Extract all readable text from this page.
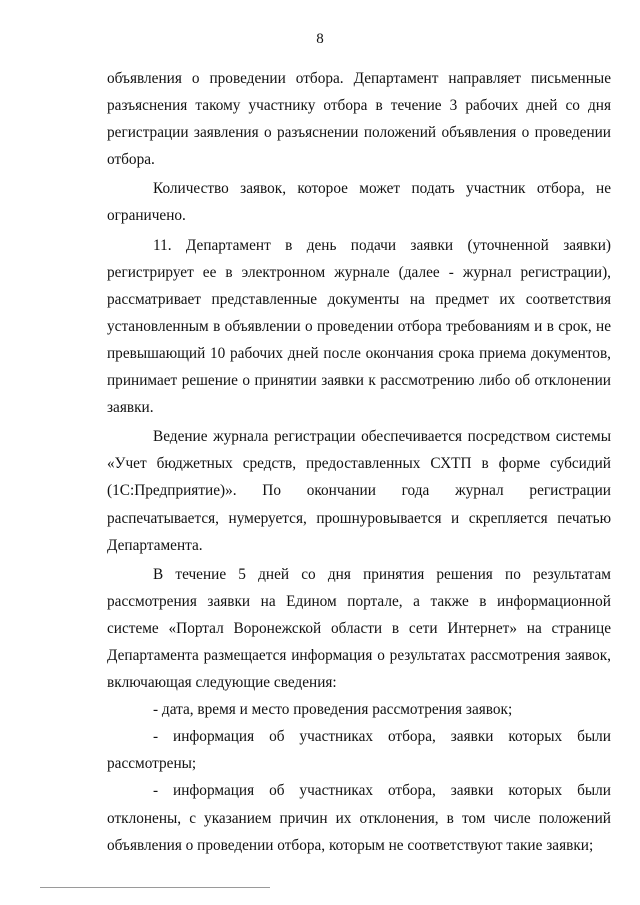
8

объявления о проведении отбора. Департамент направляет письменные разъяснения такому участнику отбора в течение 3 рабочих дней со дня регистрации заявления о разъяснении положений объявления о проведении отбора.

Количество заявок, которое может подать участник отбора, не ограничено.

11. Департамент в день подачи заявки (уточненной заявки) регистрирует ее в электронном журнале (далее - журнал регистрации), рассматривает представленные документы на предмет их соответствия установленным в объявлении о проведении отбора требованиям и в срок, не превышающий 10 рабочих дней после окончания срока приема документов, принимает решение о принятии заявки к рассмотрению либо об отклонении заявки.

Ведение журнала регистрации обеспечивается посредством системы «Учет бюджетных средств, предоставленных СХТП в форме субсидий (1С:Предприятие)». По окончании года журнал регистрации распечатывается, нумеруется, прошнуровывается и скрепляется печатью Департамента.

В течение 5 дней со дня принятия решения по результатам рассмотрения заявки на Едином портале, а также в информационной системе «Портал Воронежской области в сети Интернет» на странице Департамента размещается информация о результатах рассмотрения заявок, включающая следующие сведения:

- дата, время и место проведения рассмотрения заявок;

- информация об участниках отбора, заявки которых были рассмотрены;

- информация об участниках отбора, заявки которых были отклонены, с указанием причин их отклонения, в том числе положений объявления о проведении отбора, которым не соответствуют такие заявки;
